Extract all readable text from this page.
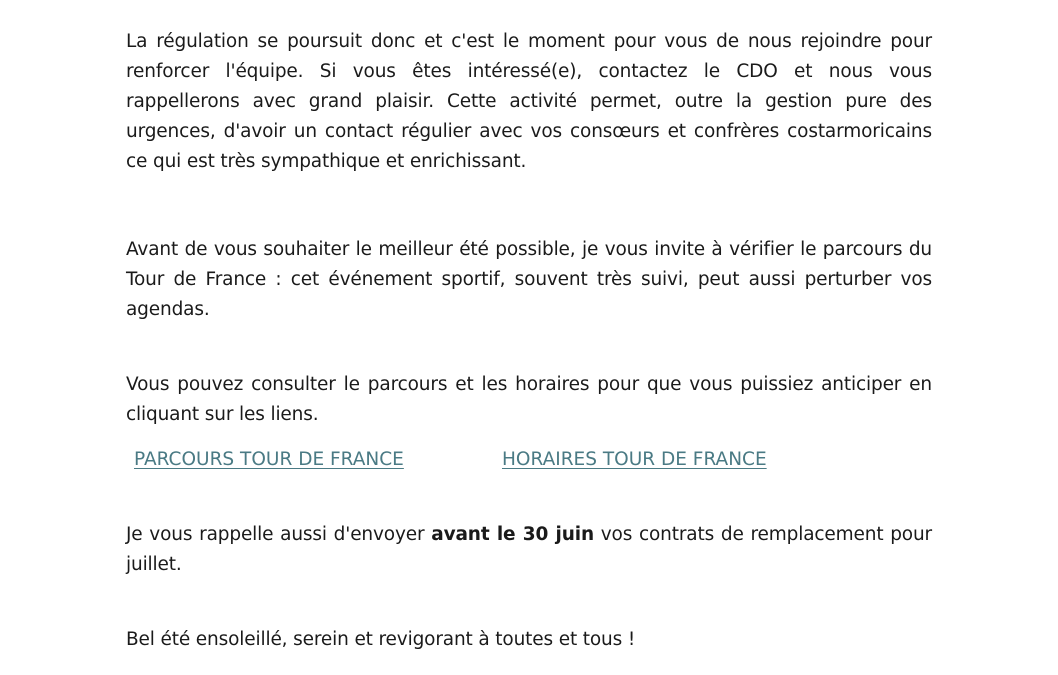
La régulation se poursuit donc et c'est le moment pour vous de nous rejoindre pour renforcer l'équipe. Si vous êtes intéressé(e), contactez le CDO et nous vous rappellerons avec grand plaisir. Cette activité permet, outre la gestion pure des urgences, d'avoir un contact régulier avec vos consœurs et confrères costarmoricains ce qui est très sympathique et enrichissant.

Avant de vous souhaiter le meilleur été possible, je vous invite à vérifier le parcours du Tour de France : cet événement sportif, souvent très suivi, peut aussi perturber vos agendas.

Vous pouvez consulter le parcours et les horaires pour que vous puissiez anticiper en cliquant sur les liens.

PARCOURS TOUR DE FRANCE	HORAIRES TOUR DE FRANCE

Je vous rappelle aussi d'envoyer avant le 30 juin vos contrats de remplacement pour juillet.

Bel été ensoleillé, serein et revigorant à toutes et tous !
